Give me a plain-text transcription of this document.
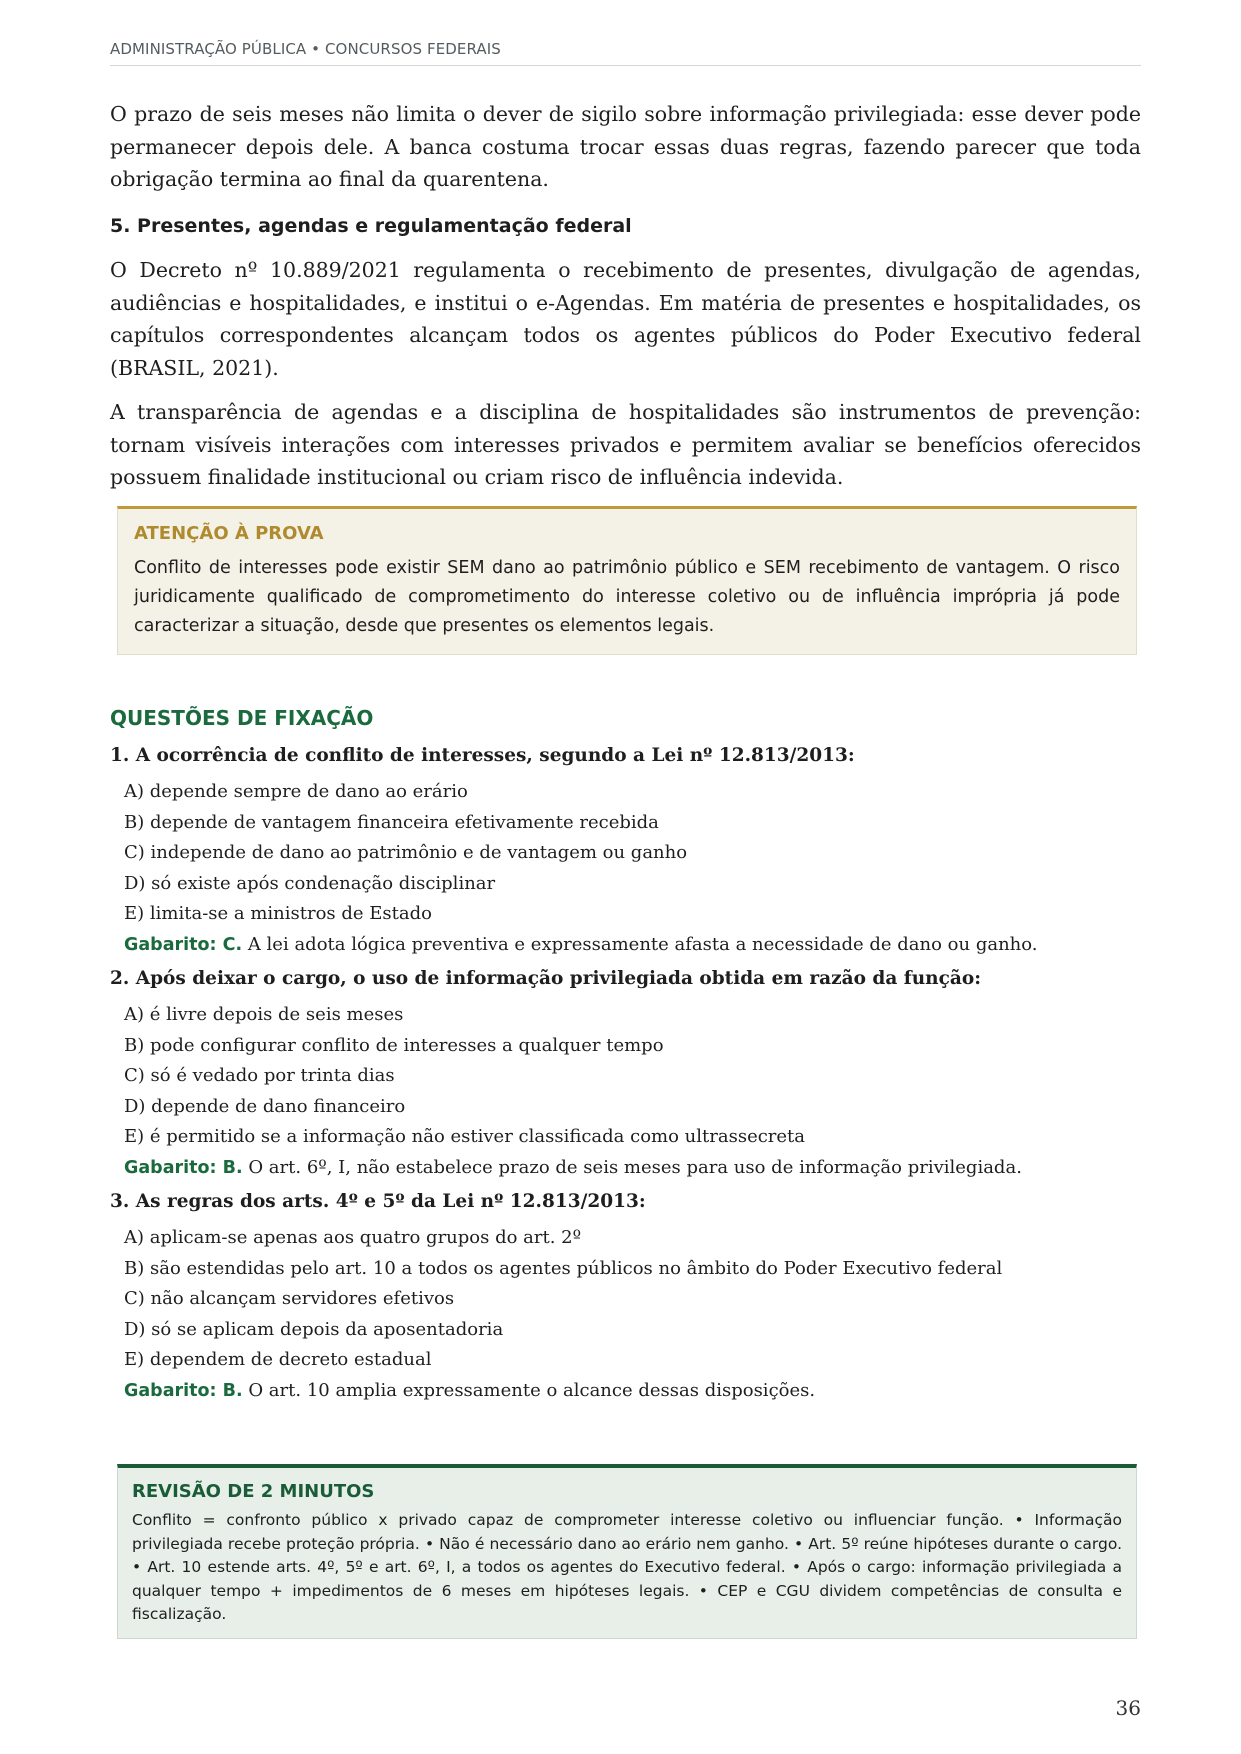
ADMINISTRAÇÃO PÚBLICA • CONCURSOS FEDERAIS

O prazo de seis meses não limita o dever de sigilo sobre informação privilegiada: esse dever pode permanecer depois dele. A banca costuma trocar essas duas regras, fazendo parecer que toda obrigação termina ao final da quarentena.

5. Presentes, agendas e regulamentação federal

O Decreto nº 10.889/2021 regulamenta o recebimento de presentes, divulgação de agendas, audiências e hospitalidades, e institui o e-Agendas. Em matéria de presentes e hospitalidades, os capítulos correspondentes alcançam todos os agentes públicos do Poder Executivo federal (BRASIL, 2021).

A transparência de agendas e a disciplina de hospitalidades são instrumentos de prevenção: tornam visíveis interações com interesses privados e permitem avaliar se benefícios oferecidos possuem finalidade institucional ou criam risco de influência indevida.

ATENÇÃO À PROVA
Conflito de interesses pode existir SEM dano ao patrimônio público e SEM recebimento de vantagem. O risco juridicamente qualificado de comprometimento do interesse coletivo ou de influência imprópria já pode caracterizar a situação, desde que presentes os elementos legais.
QUESTÕES DE FIXAÇÃO
1. A ocorrência de conflito de interesses, segundo a Lei nº 12.813/2013:
A) depende sempre de dano ao erário
B) depende de vantagem financeira efetivamente recebida
C) independe de dano ao patrimônio e de vantagem ou ganho
D) só existe após condenação disciplinar
E) limita-se a ministros de Estado
Gabarito: C. A lei adota lógica preventiva e expressamente afasta a necessidade de dano ou ganho.
2. Após deixar o cargo, o uso de informação privilegiada obtida em razão da função:
A) é livre depois de seis meses
B) pode configurar conflito de interesses a qualquer tempo
C) só é vedado por trinta dias
D) depende de dano financeiro
E) é permitido se a informação não estiver classificada como ultrassecreta
Gabarito: B. O art. 6º, I, não estabelece prazo de seis meses para uso de informação privilegiada.
3. As regras dos arts. 4º e 5º da Lei nº 12.813/2013:
A) aplicam-se apenas aos quatro grupos do art. 2º
B) são estendidas pelo art. 10 a todos os agentes públicos no âmbito do Poder Executivo federal
C) não alcançam servidores efetivos
D) só se aplicam depois da aposentadoria
E) dependem de decreto estadual
Gabarito: B. O art. 10 amplia expressamente o alcance dessas disposições.
REVISÃO DE 2 MINUTOS
Conflito = confronto público x privado capaz de comprometer interesse coletivo ou influenciar função. • Informação privilegiada recebe proteção própria. • Não é necessário dano ao erário nem ganho. • Art. 5º reúne hipóteses durante o cargo. • Art. 10 estende arts. 4º, 5º e art. 6º, I, a todos os agentes do Executivo federal. • Após o cargo: informação privilegiada a qualquer tempo + impedimentos de 6 meses em hipóteses legais. • CEP e CGU dividem competências de consulta e fiscalização.
36
